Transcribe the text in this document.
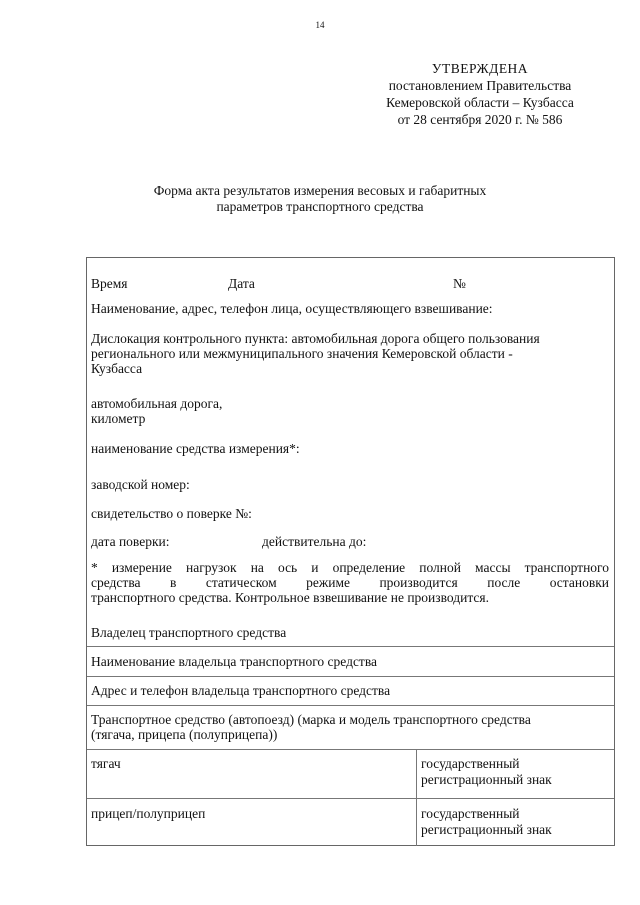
14
УТВЕРЖДЕНА
постановлением Правительства
Кемеровской области – Кузбасса
от 28 сентября 2020 г. № 586
Форма акта результатов измерения весовых и габаритных
параметров транспортного средства
Время	Дата	№
Наименование, адрес, телефон лица, осуществляющего взвешивание:
Дислокация контрольного пункта: автомобильная дорога общего пользования
регионального или межмуниципального значения Кемеровской области -
Кузбасса
автомобильная дорога,
километр
наименование средства измерения*:
заводской номер:
свидетельство о поверке №:
дата поверки:	действительна до:
* измерение нагрузок на ось и определение полной массы транспортного
средства в статическом режиме производится после остановки
транспортного средства. Контрольное взвешивание не производится.
Владелец транспортного средства
Наименование владельца транспортного средства
Адрес и телефон владельца транспортного средства
Транспортное средство (автопоезд) (марка и модель транспортного средства
(тягача, прицепа (полуприцепа))
тягач	государственный
регистрационный знак
прицеп/полуприцеп	государственный
регистрационный знак
